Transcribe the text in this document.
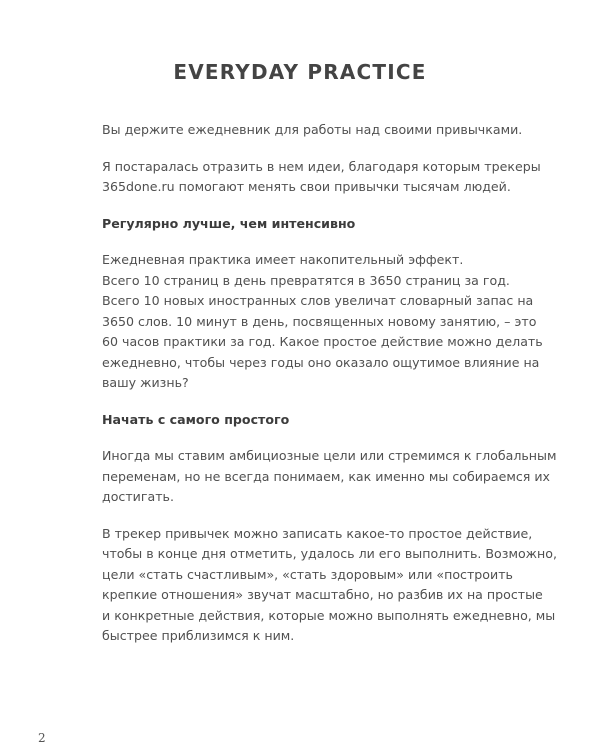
EVERYDAY PRACTICE

Вы держите ежедневник для работы над своими привычками.

Я постаралась отразить в нем идеи, благодаря которым трекеры
365done.ru помогают менять свои привычки тысячам людей.

Регулярно лучше, чем интенсивно

Ежедневная практика имеет накопительный эффект.
Всего 10 страниц в день превратятся в 3650 страниц за год.
Всего 10 новых иностранных слов увеличат словарный запас на
3650 слов. 10 минут в день, посвященных новому занятию, – это
60 часов практики за год. Какое простое действие можно делать
ежедневно, чтобы через годы оно оказало ощутимое влияние на
вашу жизнь?

Начать с самого простого

Иногда мы ставим амбициозные цели или стремимся к глобальным
переменам, но не всегда понимаем, как именно мы собираемся их
достигать.

В трекер привычек можно записать какое-то простое действие,
чтобы в конце дня отметить, удалось ли его выполнить. Возможно,
цели «стать счастливым», «стать здоровым» или «построить
крепкие отношения» звучат масштабно, но разбив их на простые
и конкретные действия, которые можно выполнять ежедневно, мы
быстрее приблизимся к ним.

2
